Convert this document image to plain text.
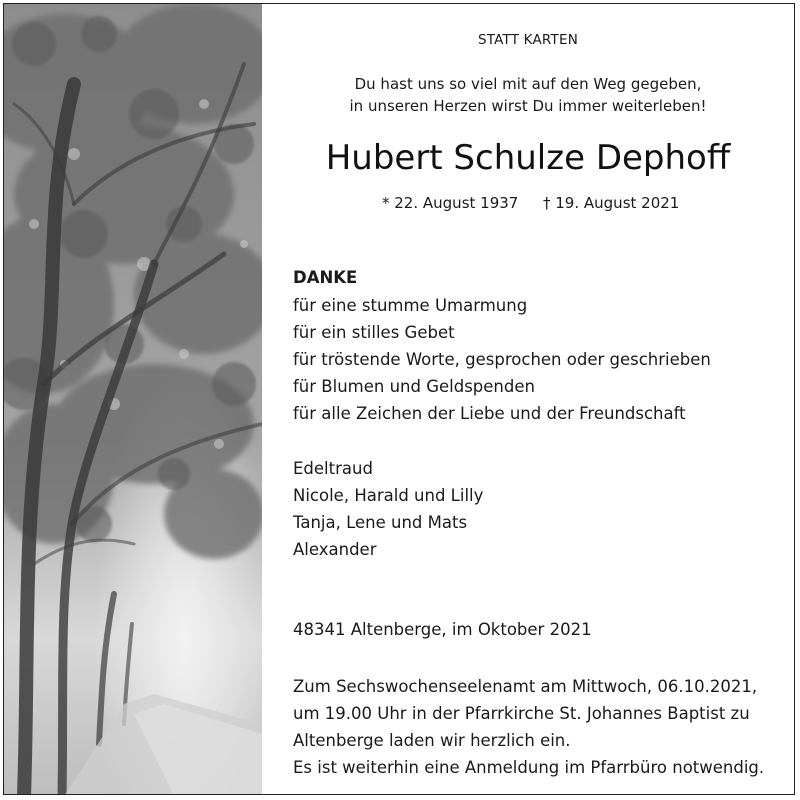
STATT KARTEN
Du hast uns so viel mit auf den Weg gegeben,
in unseren Herzen wirst Du immer weiterleben!
Hubert Schulze Dephoff
* 22. August 1937 † 19. August 2021
DANKE
für eine stumme Umarmung
für ein stilles Gebet
für tröstende Worte, gesprochen oder geschrieben
für Blumen und Geldspenden
für alle Zeichen der Liebe und der Freundschaft
Edeltraud
Nicole, Harald und Lilly
Tanja, Lene und Mats
Alexander
48341 Altenberge, im Oktober 2021
Zum Sechswochenseelenamt am Mittwoch, 06.10.2021,
um 19.00 Uhr in der Pfarrkirche St. Johannes Baptist zu
Altenberge laden wir herzlich ein.
Es ist weiterhin eine Anmeldung im Pfarrbüro notwendig.
